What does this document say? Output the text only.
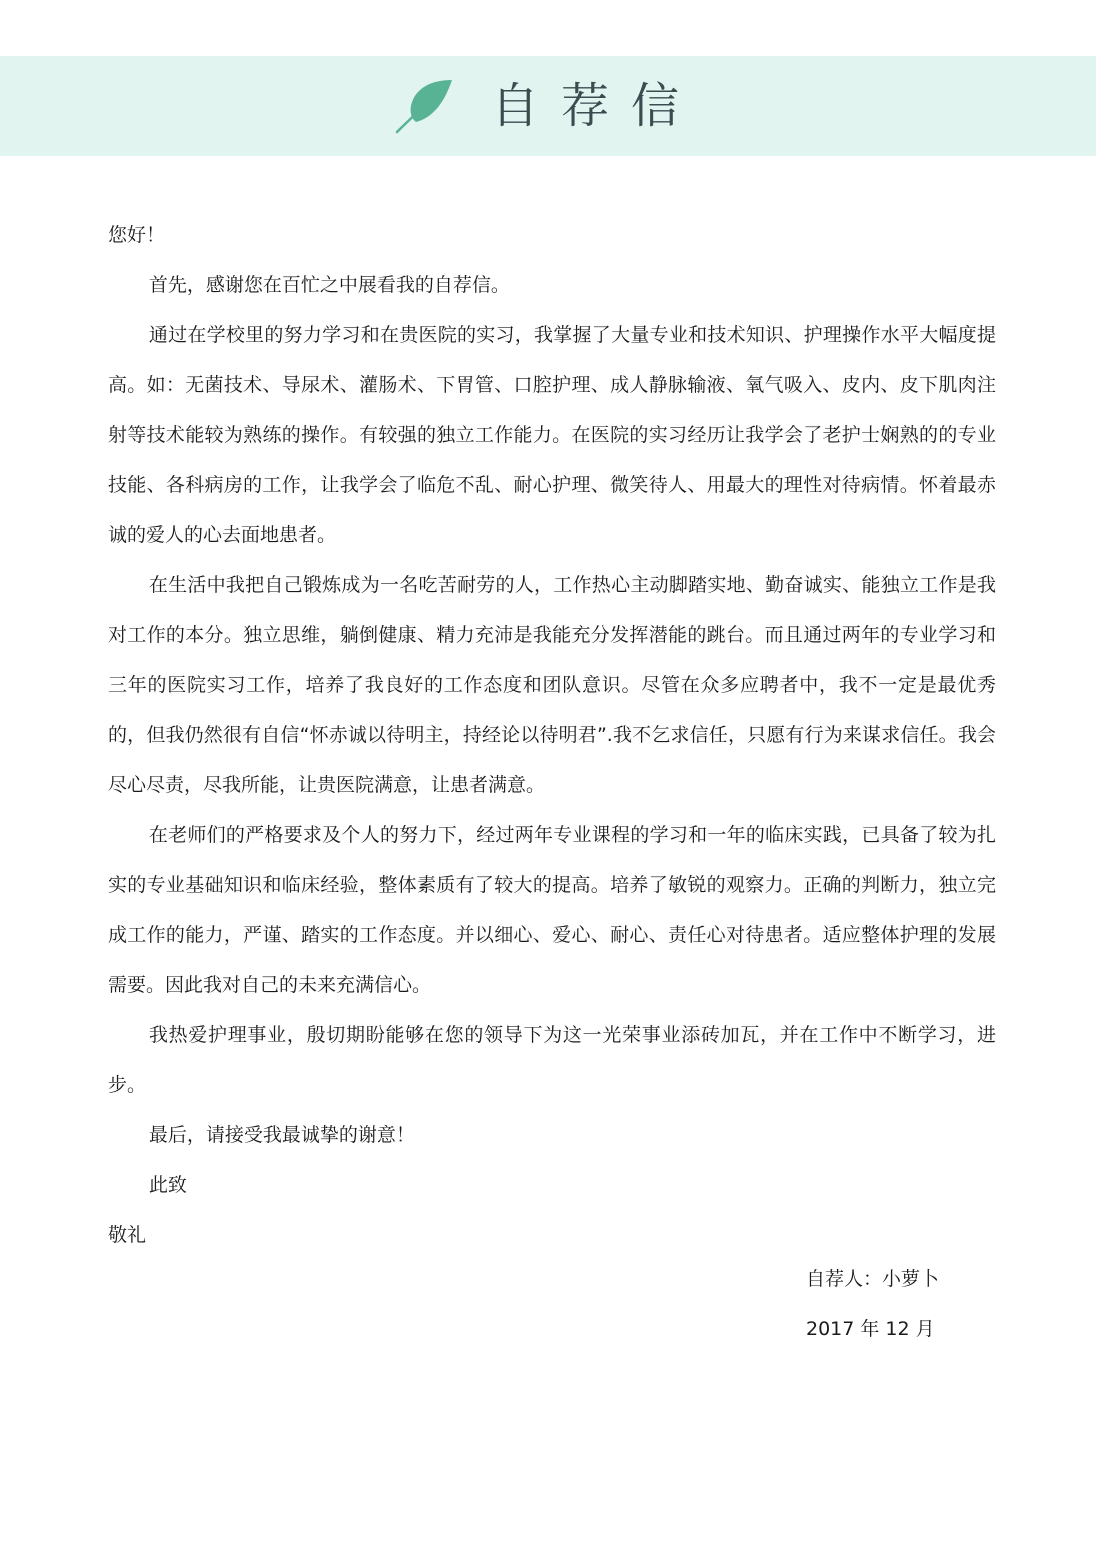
自荐信

您好！

首先，感谢您在百忙之中展看我的自荐信。

通过在学校里的努力学习和在贵医院的实习，我掌握了大量专业和技术知识、护理操作水平大幅度提高。如：无菌技术、导尿术、灌肠术、下胃管、口腔护理、成人静脉输液、氧气吸入、皮内、皮下肌肉注射等技术能较为熟练的操作。有较强的独立工作能力。在医院的实习经历让我学会了老护士娴熟的的专业技能、各科病房的工作，让我学会了临危不乱、耐心护理、微笑待人、用最大的理性对待病情。怀着最赤诚的爱人的心去面地患者。

在生活中我把自己锻炼成为一名吃苦耐劳的人，工作热心主动脚踏实地、勤奋诚实、能独立工作是我对工作的本分。独立思维，躺倒健康、精力充沛是我能充分发挥潜能的跳台。而且通过两年的专业学习和三年的医院实习工作，培养了我良好的工作态度和团队意识。尽管在众多应聘者中，我不一定是最优秀的，但我仍然很有自信“怀赤诚以待明主，持经论以待明君”.我不乞求信任，只愿有行为来谋求信任。我会尽心尽责，尽我所能，让贵医院满意，让患者满意。

在老师们的严格要求及个人的努力下，经过两年专业课程的学习和一年的临床实践，已具备了较为扎实的专业基础知识和临床经验，整体素质有了较大的提高。培养了敏锐的观察力。正确的判断力，独立完成工作的能力，严谨、踏实的工作态度。并以细心、爱心、耐心、责任心对待患者。适应整体护理的发展需要。因此我对自己的未来充满信心。

我热爱护理事业，殷切期盼能够在您的领导下为这一光荣事业添砖加瓦，并在工作中不断学习，进步。

最后，请接受我最诚挚的谢意！

此致

敬礼

自荐人：小萝卜

2017 年 12 月
